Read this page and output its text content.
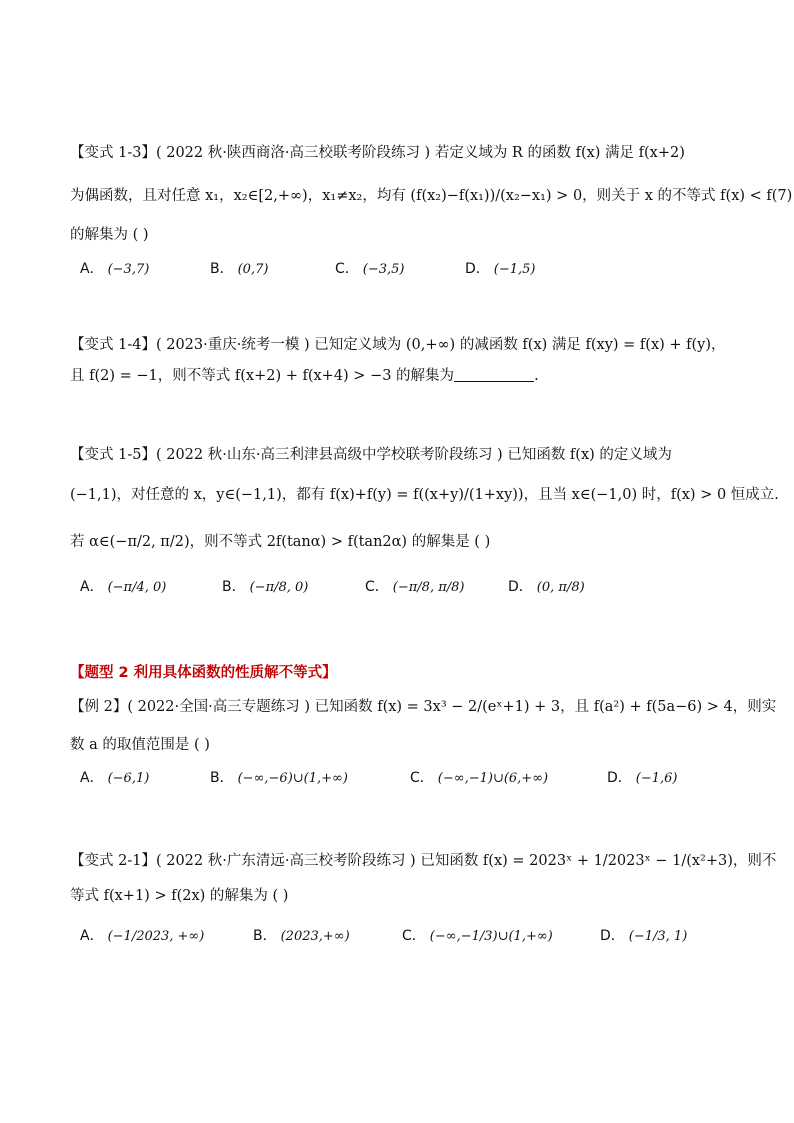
【变式 1-3】( 2022 秋·陕西商洛·高三校联考阶段练习 ) 若定义域为 R 的函数 f(x) 满足 f(x+2)
为偶函数，且对任意 x₁，x₂∈[2,+∞)，x₁≠x₂，均有 (f(x₂)−f(x₁))/(x₂−x₁) > 0，则关于 x 的不等式 f(x) < f(7)
的解集为 ( )
A． (−3,7)	B． (0,7)	C． (−3,5)	D． (−1,5)
【变式 1-4】( 2023·重庆·统考一模 ) 已知定义域为 (0,+∞) 的减函数 f(x) 满足 f(xy) = f(x) + f(y)，
且 f(2) = −1，则不等式 f(x+2) + f(x+4) > −3 的解集为	.
【变式 1-5】( 2022 秋·山东·高三利津县高级中学校联考阶段练习 ) 已知函数 f(x) 的定义域为
(−1,1)，对任意的 x，y∈(−1,1)，都有 f(x)+f(y) = f((x+y)/(1+xy))，且当 x∈(−1,0) 时，f(x) > 0 恒成立.
若 α∈(−π/2, π/2)，则不等式 2f(tanα) > f(tan2α) 的解集是 ( )
A． (−π/4, 0)	B． (−π/8, 0)	C． (−π/8, π/8)	D． (0, π/8)
【题型 2 利用具体函数的性质解不等式】
【例 2】( 2022·全国·高三专题练习 ) 已知函数 f(x) = 3x³ − 2/(eˣ+1) + 3，且 f(a²) + f(5a−6) > 4，则实
数 a 的取值范围是 ( )
A． (−6,1)	B． (−∞,−6)∪(1,+∞)	C． (−∞,−1)∪(6,+∞)	D． (−1,6)
【变式 2-1】( 2022 秋·广东清远·高三校考阶段练习 ) 已知函数 f(x) = 2023ˣ + 1/2023ˣ − 1/(x²+3)，则不
等式 f(x+1) > f(2x) 的解集为 ( )
A． (−1/2023, +∞)	B． (2023,+∞)	C． (−∞,−1/3)∪(1,+∞)	D． (−1/3, 1)
